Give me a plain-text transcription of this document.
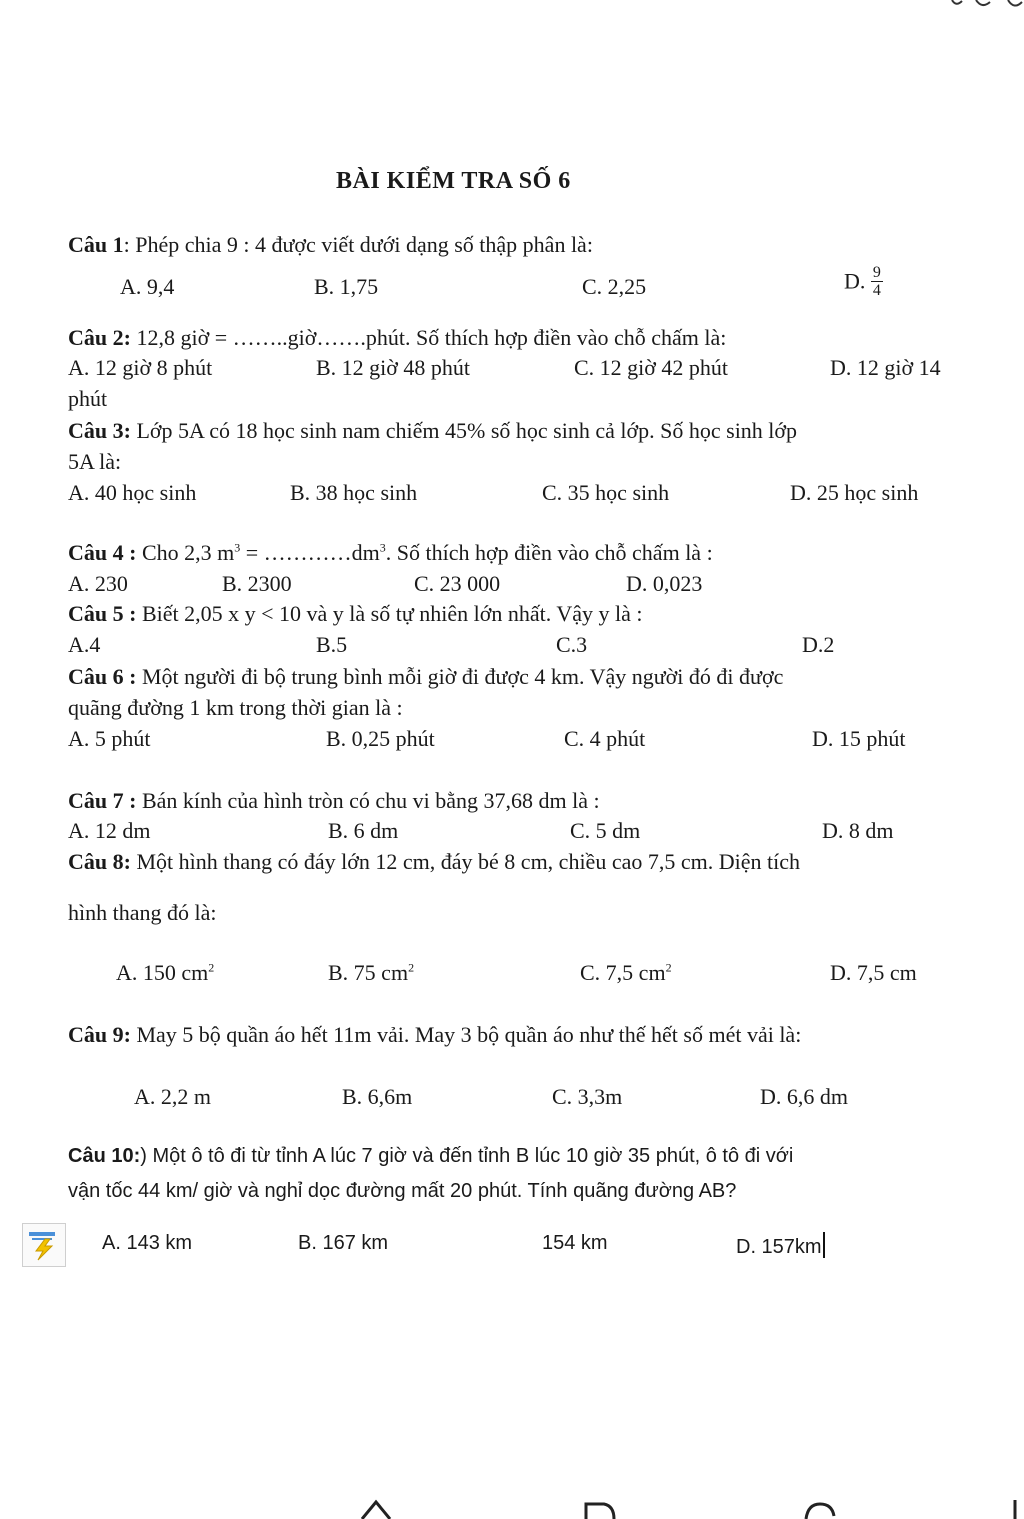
BÀI KIỂM TRA SỐ 6
Câu 1: Phép chia 9 : 4 được viết dưới dạng số thập phân là:
A. 9,4	B. 1,75	C. 2,25	D. $\frac{9}{4}$
Câu 2: 12,8 giờ = ……..giờ…….phút. Số thích hợp điền vào chỗ chấm là:
A. 12 giờ 8 phút	B. 12 giờ 48 phút	C. 12 giờ 42 phút	D. 12 giờ 14
phút
Câu 3: Lớp 5A có 18 học sinh nam chiếm 45% số học sinh cả lớp. Số học sinh lớp
5A là:
A. 40 học sinh	B. 38 học sinh	C. 35 học sinh	D. 25 học sinh
Câu 4 : Cho 2,3 $m^3$ = $\dots\dots\dots\dots dm^3$. Số thích hợp điền vào chỗ chấm là :
A. 230	B. 2300	C. 23 000	D. 0,023
Câu 5 : Biết 2,05 x y < 10 và y là số tự nhiên lớn nhất. Vậy y là :
A.4	B.5	C.3	D.2
Câu 6 : Một người đi bộ trung bình mỗi giờ đi được 4 km. Vậy người đó đi được
quãng đường 1 km trong thời gian là :
A. 5 phút	B. 0,25 phút	C. 4 phút	D. 15 phút
Câu 7 : Bán kính của hình tròn có chu vi bằng 37,68 dm là :
A. 12 dm	B. 6 dm	C. 5 dm	D. 8 dm
Câu 8: Một hình thang có đáy lớn 12 cm, đáy bé 8 cm, chiều cao 7,5 cm. Diện tích
hình thang đó là:
A. 150 $cm^2$	B. 75 $cm^2$	C. 7,5 $cm^2$	D. 7,5 cm
Câu 9: May 5 bộ quần áo hết 11m vải. May 3 bộ quần áo như thế hết số mét vải là:
A. 2,2 m	B. 6,6m	C. 3,3m	D. 6,6 dm
Câu 10:) Một ô tô đi từ tỉnh A lúc 7 giờ và đến tỉnh B lúc 10 giờ 35 phút, ô tô đi với
vận tốc 44 km/ giờ và nghỉ dọc đường mất 20 phút. Tính quãng đường AB?
A. 143 km	B. 167 km	154 km	D. 157km
